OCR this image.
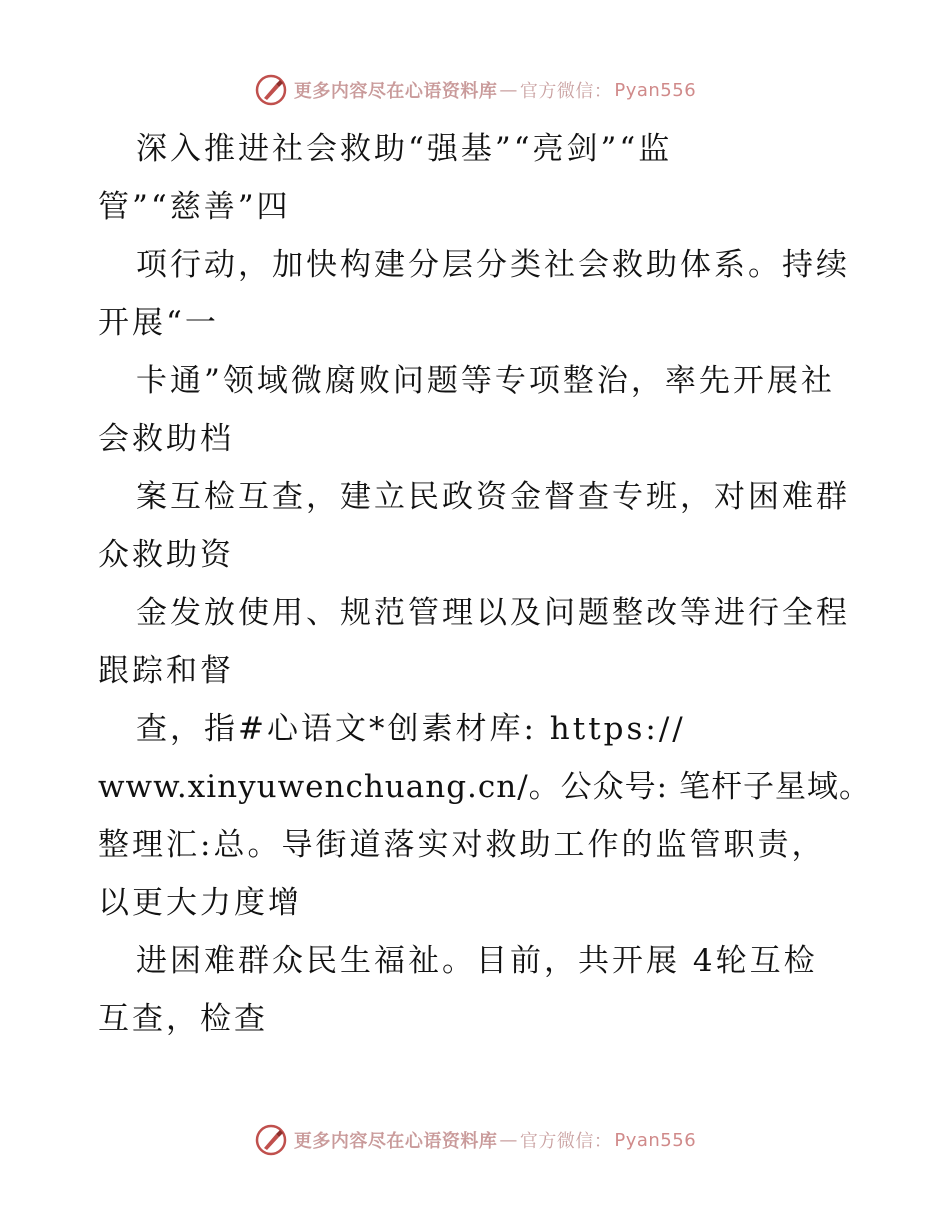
更多内容尽在心语资料库 — 官方微信： Pyan556
深入推进社会救助“强基”“亮剑”“监
管”“慈善”四
项行动，加快构建分层分类社会救助体系。持续
开展“一
卡通”领域微腐败问题等专项整治，率先开展社
会救助档
案互检互查，建立民政资金督查专班，对困难群
众救助资
金发放使用、规范管理以及问题整改等进行全程
跟踪和督
查，指#心语文*创素材库: https://
www.xinyuwenchuang.cn/。公众号: 笔杆子星域。
整理汇:总。导街道落实对救助工作的监管职责，
以更大力度增
进困难群众民生福祉。目前，共开展 4轮互检
互查，检查
更多内容尽在心语资料库 — 官方微信： Pyan556
